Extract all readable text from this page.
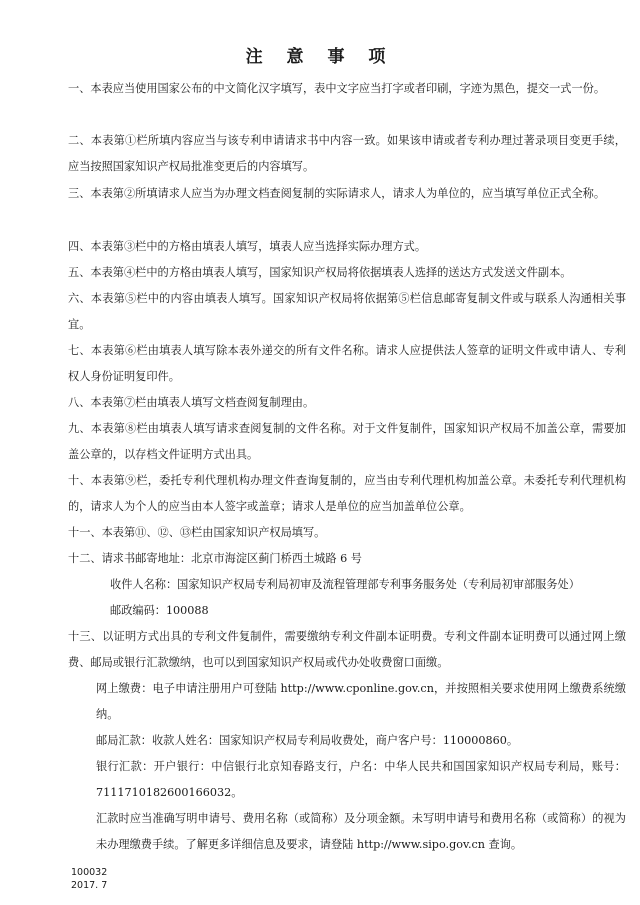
注 意 事 项
一、本表应当使用国家公布的中文简化汉字填写，表中文字应当打字或者印刷，字迹为黑色，提交一式一份。
二、本表第①栏所填内容应当与该专利申请请求书中内容一致。如果该申请或者专利办理过著录项目变更手续，应当按照国家知识产权局批准变更后的内容填写。
三、本表第②所填请求人应当为办理文档查阅复制的实际请求人，请求人为单位的，应当填写单位正式全称。
四、本表第③栏中的方格由填表人填写，填表人应当选择实际办理方式。
五、本表第④栏中的方格由填表人填写，国家知识产权局将依据填表人选择的送达方式发送文件副本。
六、本表第⑤栏中的内容由填表人填写。国家知识产权局将依据第⑤栏信息邮寄复制文件或与联系人沟通相关事宜。
七、本表第⑥栏由填表人填写除本表外递交的所有文件名称。请求人应提供法人签章的证明文件或申请人、专利权人身份证明复印件。
八、本表第⑦栏由填表人填写文档查阅复制理由。
九、本表第⑧栏由填表人填写请求查阅复制的文件名称。对于文件复制件，国家知识产权局不加盖公章，需要加盖公章的，以存档文件证明方式出具。
十、本表第⑨栏，委托专利代理机构办理文件查询复制的，应当由专利代理机构加盖公章。未委托专利代理机构的，请求人为个人的应当由本人签字或盖章；请求人是单位的应当加盖单位公章。
十一、本表第⑪、⑫、⑬栏由国家知识产权局填写。
十二、请求书邮寄地址：北京市海淀区蓟门桥西土城路 6 号
收件人名称：国家知识产权局专利局初审及流程管理部专利事务服务处（专利局初审部服务处）
邮政编码：100088
十三、以证明方式出具的专利文件复制件，需要缴纳专利文件副本证明费。专利文件副本证明费可以通过网上缴费、邮局或银行汇款缴纳，也可以到国家知识产权局或代办处收费窗口面缴。
网上缴费：电子申请注册用户可登陆 http://www.cponline.gov.cn，并按照相关要求使用网上缴费系统缴纳。
邮局汇款：收款人姓名：国家知识产权局专利局收费处，商户客户号：110000860。
银行汇款：开户银行：中信银行北京知春路支行，户名：中华人民共和国国家知识产权局专利局，账号：7111710182600166032。
汇款时应当准确写明申请号、费用名称（或简称）及分项金额。未写明申请号和费用名称（或简称）的视为未办理缴费手续。了解更多详细信息及要求，请登陆 http://www.sipo.gov.cn 查询。
100032
2017. 7
